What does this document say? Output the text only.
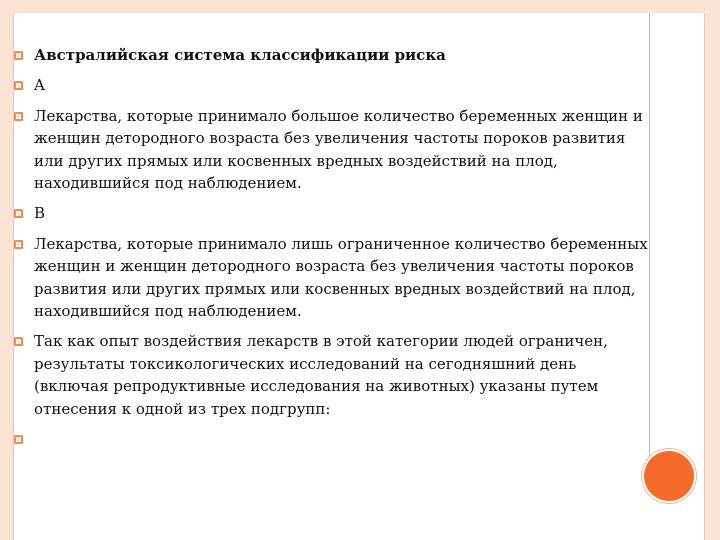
Австралийская система классификации риска
A
Лекарства, которые принимало большое количество беременных женщин и женщин детородного возраста без увеличения частоты пороков развития или других прямых или косвенных вредных воздействий на плод, находившийся под наблюдением.
B
Лекарства, которые принимало лишь ограниченное количество беременных женщин и женщин детородного возраста без увеличения частоты пороков развития или других прямых или косвенных вредных воздействий на плод, находившийся под наблюдением.
Так как опыт воздействия лекарств в этой категории людей ограничен, результаты токсикологических исследований на сегодняшний день (включая репродуктивные исследования на животных) указаны путем отнесения к одной из трех подгрупп:
